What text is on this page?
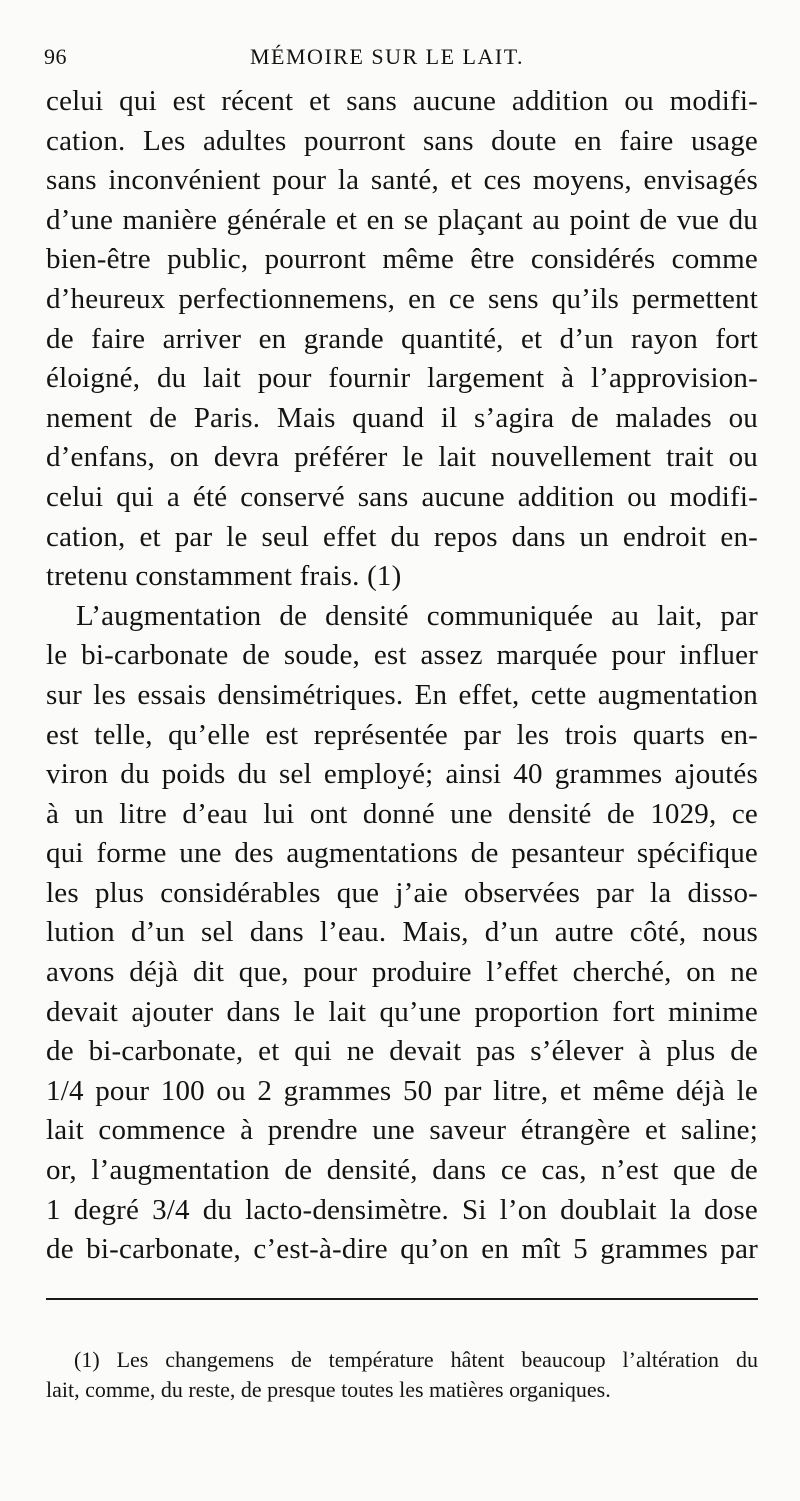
96	MÉMOIRE SUR LE LAIT.
celui qui est récent et sans aucune addition ou modifi-
cation. Les adultes pourront sans doute en faire usage
sans inconvénient pour la santé, et ces moyens, envisagés
d’une manière générale et en se plaçant au point de vue du
bien-être public, pourront même être considérés comme
d’heureux perfectionnemens, en ce sens qu’ils permettent
de faire arriver en grande quantité, et d’un rayon fort
éloigné, du lait pour fournir largement à l’approvision-
nement de Paris. Mais quand il s’agira de malades ou
d’enfans, on devra préférer le lait nouvellement trait ou
celui qui a été conservé sans aucune addition ou modifi-
cation, et par le seul effet du repos dans un endroit en-
tretenu constamment frais. (1)
L’augmentation de densité communiquée au lait, par
le bi-carbonate de soude, est assez marquée pour influer
sur les essais densimétriques. En effet, cette augmentation
est telle, qu’elle est représentée par les trois quarts en-
viron du poids du sel employé; ainsi 40 grammes ajoutés
à un litre d’eau lui ont donné une densité de 1029, ce
qui forme une des augmentations de pesanteur spécifique
les plus considérables que j’aie observées par la disso-
lution d’un sel dans l’eau. Mais, d’un autre côté, nous
avons déjà dit que, pour produire l’effet cherché, on ne
devait ajouter dans le lait qu’une proportion fort minime
de bi-carbonate, et qui ne devait pas s’élever à plus de
1/4 pour 100 ou 2 grammes 50 par litre, et même déjà le
lait commence à prendre une saveur étrangère et saline;
or, l’augmentation de densité, dans ce cas, n’est que de
1 degré 3/4 du lacto-densimètre. Si l’on doublait la dose
de bi-carbonate, c’est-à-dire qu’on en mît 5 grammes par
(1) Les changemens de température hâtent beaucoup l’altération du
lait, comme, du reste, de presque toutes les matières organiques.
